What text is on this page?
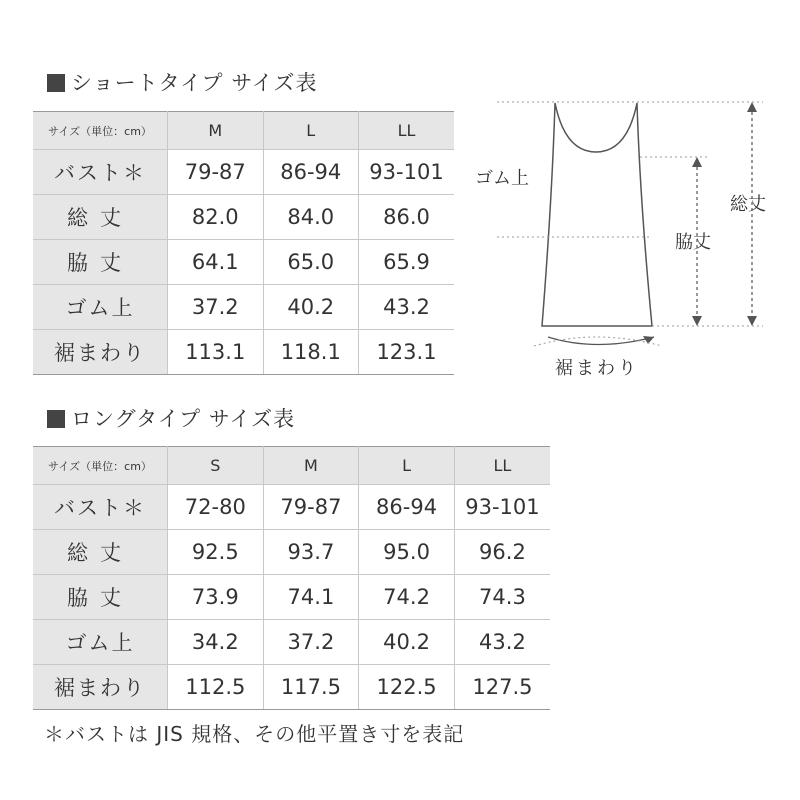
ショートタイプ サイズ表
サイズ（単位：cm）	M	L	LL
バスト＊	79-87	86-94	93-101
総丈	82.0	84.0	86.0
脇丈	64.1	65.0	65.9
ゴム上	37.2	40.2	43.2
裾まわり	113.1	118.1	123.1
ゴム上
総丈
脇丈
裾まわり
ロングタイプ サイズ表
サイズ（単位：cm）	S	M	L	LL
バスト＊	72-80	79-87	86-94	93-101
総丈	92.5	93.7	95.0	96.2
脇丈	73.9	74.1	74.2	74.3
ゴム上	34.2	37.2	40.2	43.2
裾まわり	112.5	117.5	122.5	127.5
＊バストは JIS 規格、その他平置き寸を表記
